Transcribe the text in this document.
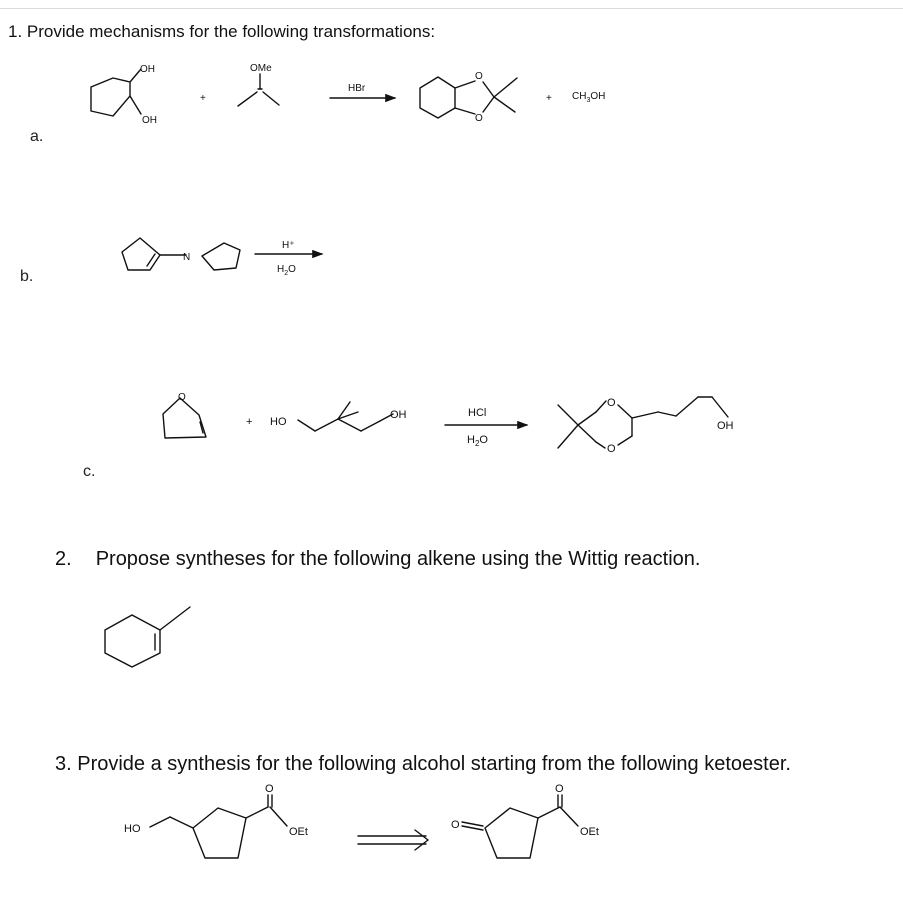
1. Provide mechanisms for the following transformations:
a.
b.
c.
2. Propose syntheses for the following alkene using the Wittig reaction.
3. Provide a synthesis for the following alcohol starting from the following ketoester.
OH
OH
+
OMe
HBr
O
O
+ $CH_3OH$
N
H⁺
$H_2O$
O
+ HO
OH	HCl
$H_2O$
O
O
OH
HO
O
OEt
O
O
OEt
